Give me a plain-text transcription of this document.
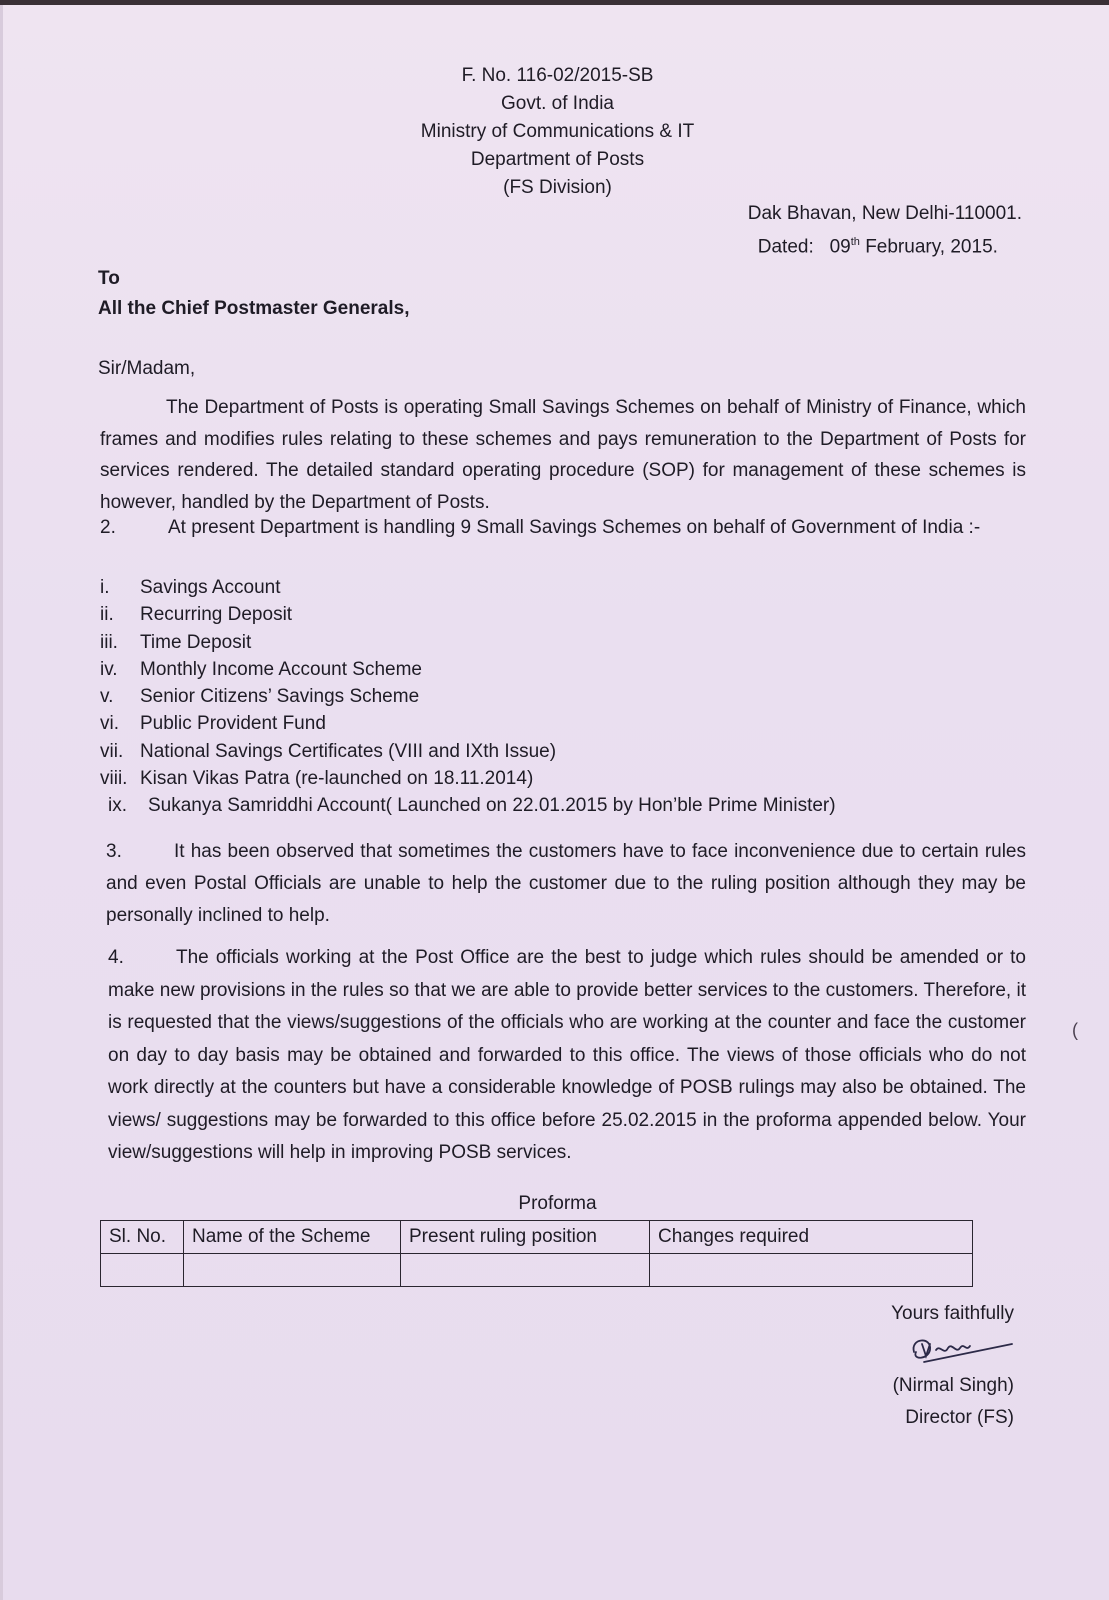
F. No. 116-02/2015-SB
Govt. of India
Ministry of Communications & IT
Department of Posts
(FS Division)
Dak Bhavan, New Delhi-110001.
Dated: 09th February, 2015.
To
All the Chief Postmaster Generals,
Sir/Madam,
The Department of Posts is operating Small Savings Schemes on behalf of Ministry of Finance, which frames and modifies rules relating to these schemes and pays remuneration to the Department of Posts for services rendered. The detailed standard operating procedure (SOP) for management of these schemes is however, handled by the Department of Posts.
2.	At present Department is handling 9 Small Savings Schemes on behalf of Government of India :-
i.	Savings Account
ii.	Recurring Deposit
iii.	Time Deposit
iv.	Monthly Income Account Scheme
v.	Senior Citizens’ Savings Scheme
vi.	Public Provident Fund
vii. National Savings Certificates (VIII and IXth Issue)
viii. Kisan Vikas Patra (re-launched on 18.11.2014)
ix.	Sukanya Samriddhi Account( Launched on 22.01.2015 by Hon’ble Prime Minister)
3.	It has been observed that sometimes the customers have to face inconvenience due to certain rules and even Postal Officials are unable to help the customer due to the ruling position although they may be personally inclined to help.
4.	The officials working at the Post Office are the best to judge which rules should be amended or to make new provisions in the rules so that we are able to provide better services to the customers. Therefore, it is requested that the views/suggestions of the officials who are working at the counter and face the customer on day to day basis may be obtained and forwarded to this office. The views of those officials who do not work directly at the counters but have a considerable knowledge of POSB rulings may also be obtained. The views/ suggestions may be forwarded to this office before 25.02.2015 in the proforma appended below. Your view/suggestions will help in improving POSB services.
(
Proforma
Sl. No.	Name of the Scheme	Present ruling position	Changes required

Yours faithfully
(Nirmal Singh)
Director (FS)
